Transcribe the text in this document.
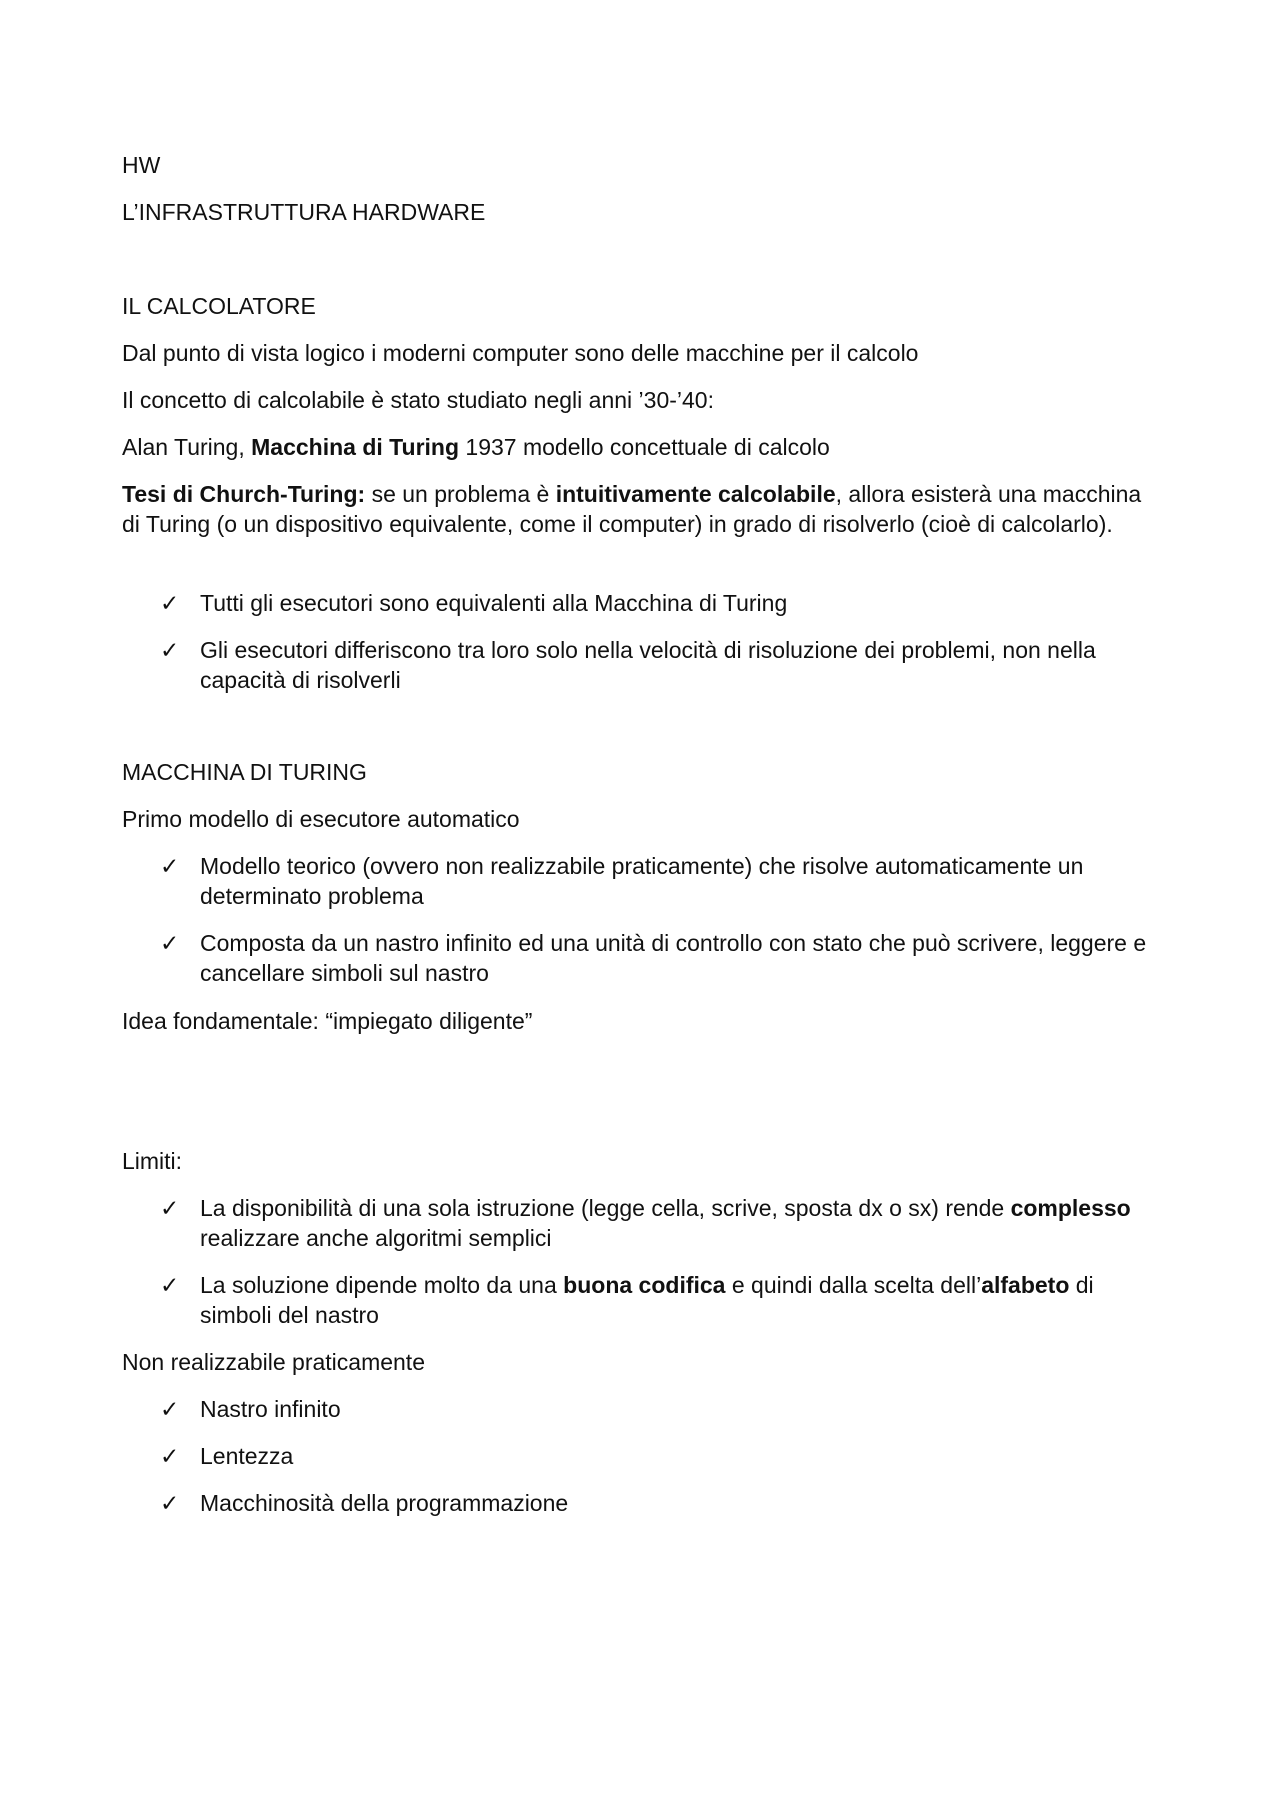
HW
L’INFRASTRUTTURA HARDWARE
IL CALCOLATORE
Dal punto di vista logico i moderni computer sono delle macchine per il calcolo
Il concetto di calcolabile è stato studiato negli anni ’30-’40:
Alan Turing, Macchina di Turing 1937 modello concettuale di calcolo
Tesi di Church-Turing: se un problema è intuitivamente calcolabile, allora esisterà una macchina di Turing (o un dispositivo equivalente, come il computer) in grado di risolverlo (cioè di calcolarlo).
✓ Tutti gli esecutori sono equivalenti alla Macchina di Turing
✓ Gli esecutori differiscono tra loro solo nella velocità di risoluzione dei problemi, non nella capacità di risolverli
MACCHINA DI TURING
Primo modello di esecutore automatico
✓ Modello teorico (ovvero non realizzabile praticamente) che risolve automaticamente un determinato problema
✓ Composta da un nastro infinito ed una unità di controllo con stato che può scrivere, leggere e cancellare simboli sul nastro
Idea fondamentale: “impiegato diligente”
Limiti:
✓ La disponibilità di una sola istruzione (legge cella, scrive, sposta dx o sx) rende complesso realizzare anche algoritmi semplici
✓ La soluzione dipende molto da una buona codifica e quindi dalla scelta dell’alfabeto di simboli del nastro
Non realizzabile praticamente
✓ Nastro infinito
✓ Lentezza
✓ Macchinosità della programmazione
